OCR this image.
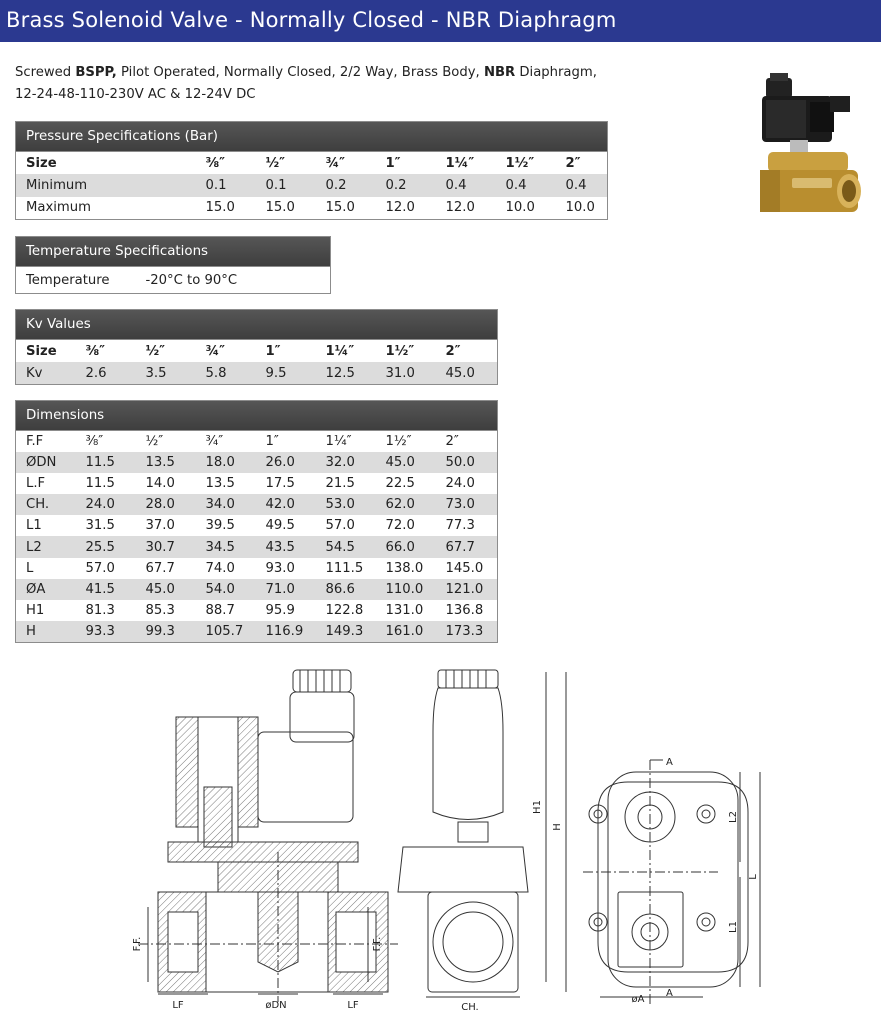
Brass Solenoid Valve - Normally Closed - NBR Diaphragm
Screwed BSPP, Pilot Operated, Normally Closed, 2/2 Way, Brass Body, NBR Diaphragm,
12-24-48-110-230V AC & 12-24V DC
Pressure Specifications (Bar)
Size	⅜″	½″	¾″	1″	1¼″	1½″	2″
Minimum	0.1	0.1	0.2	0.2	0.4	0.4	0.4
Maximum	15.0	15.0	15.0	12.0	12.0	10.0	10.0
Temperature Specifications
Temperature	-20°C to 90°C
Kv Values
Size	⅜″	½″	¾″	1″	1¼″	1½″	2″
Kv	2.6	3.5	5.8	9.5	12.5	31.0	45.0
Dimensions
F.F	⅜″	½″	¾″	1″	1¼″	1½″	2″
ØDN	11.5	13.5	18.0	26.0	32.0	45.0	50.0
L.F	11.5	14.0	13.5	17.5	21.5	22.5	24.0
CH.	24.0	28.0	34.0	42.0	53.0	62.0	73.0
L1	31.5	37.0	39.5	49.5	57.0	72.0	77.3
L2	25.5	30.7	34.5	43.5	54.5	66.0	67.7
L	57.0	67.7	74.0	93.0	111.5	138.0	145.0
ØA	41.5	45.0	54.0	71.0	86.6	110.0	121.0
H1	81.3	85.3	88.7	95.9	122.8	131.0	136.8
H	93.3	99.3	105.7	116.9	149.3	161.0	173.3
F.F.	F.F.
LF	LF
øDN	CH.
H1
H
A
A
øA
L2
L
L1
